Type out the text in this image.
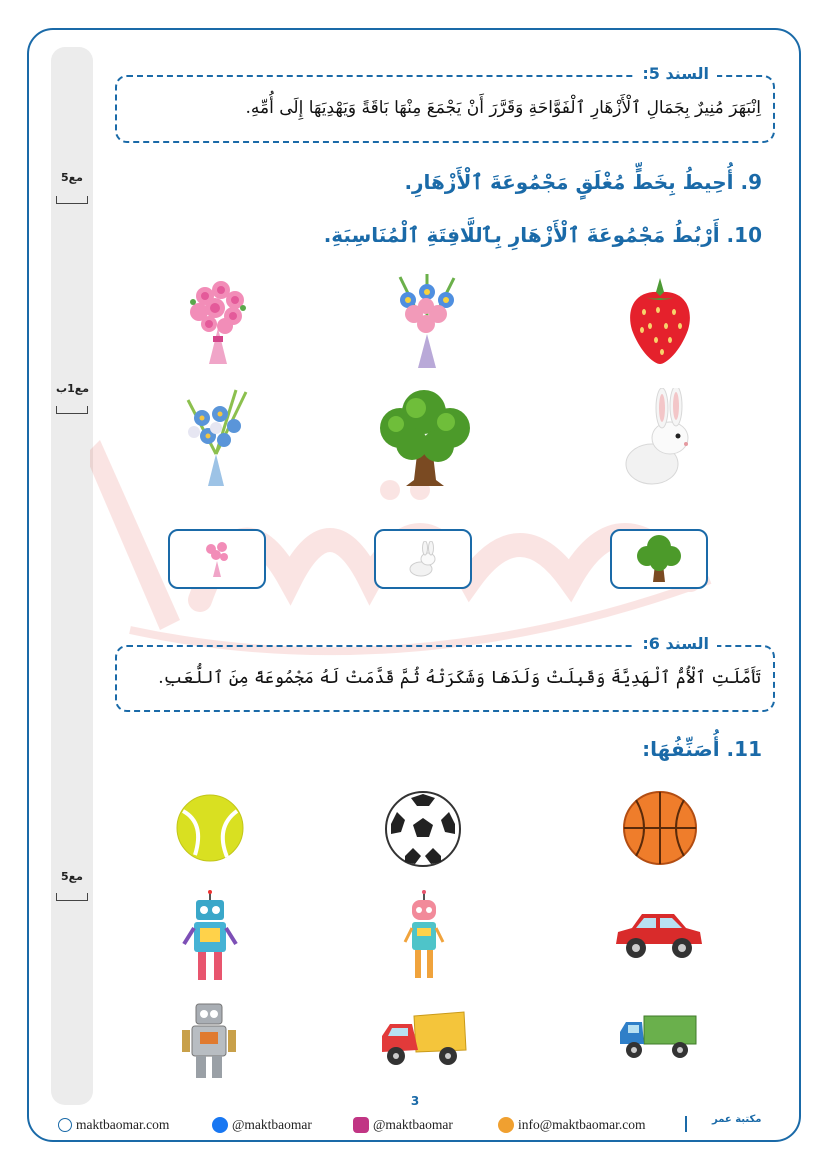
مع5
مع1ب
مع5
السند 5:
اِنْبَهَرَ مُنِيرٌ بِجَمَالِ ٱلْأَزْهَارِ ٱلْفَوَّاحَةِ وَقَرَّرَ أَنْ يَجْمَعَ مِنْهَا بَاقَةً وَيَهْدِيَهَا إِلَى أُمِّهِ.
9. أُحِيطُ بِخَطٍّ مُغْلَقٍ مَجْمُوعَةَ ٱلْأَزْهَارِ.
10. أَرْبُطُ مَجْمُوعَةَ ٱلْأَزْهَارِ بِٱللَّافِتَةِ ٱلْمُنَاسِبَةِ.
السند 6:
تَأَمَّلَتِ ٱلْأُمُّ ٱلْهَدِيَّةَ وَقَبِلَتْ وَلَدَهَا وَشَكَرَتْهُ ثُمَّ قَدَّمَتْ لَهُ مَجْمُوعَةً مِنَ ٱللُّعَبِ.
11. أُصَنِّفُهَا:
3
maktbaomar.com	@maktbaomar	@maktbaomar	info@maktbaomar.com	مكتبة عمر
